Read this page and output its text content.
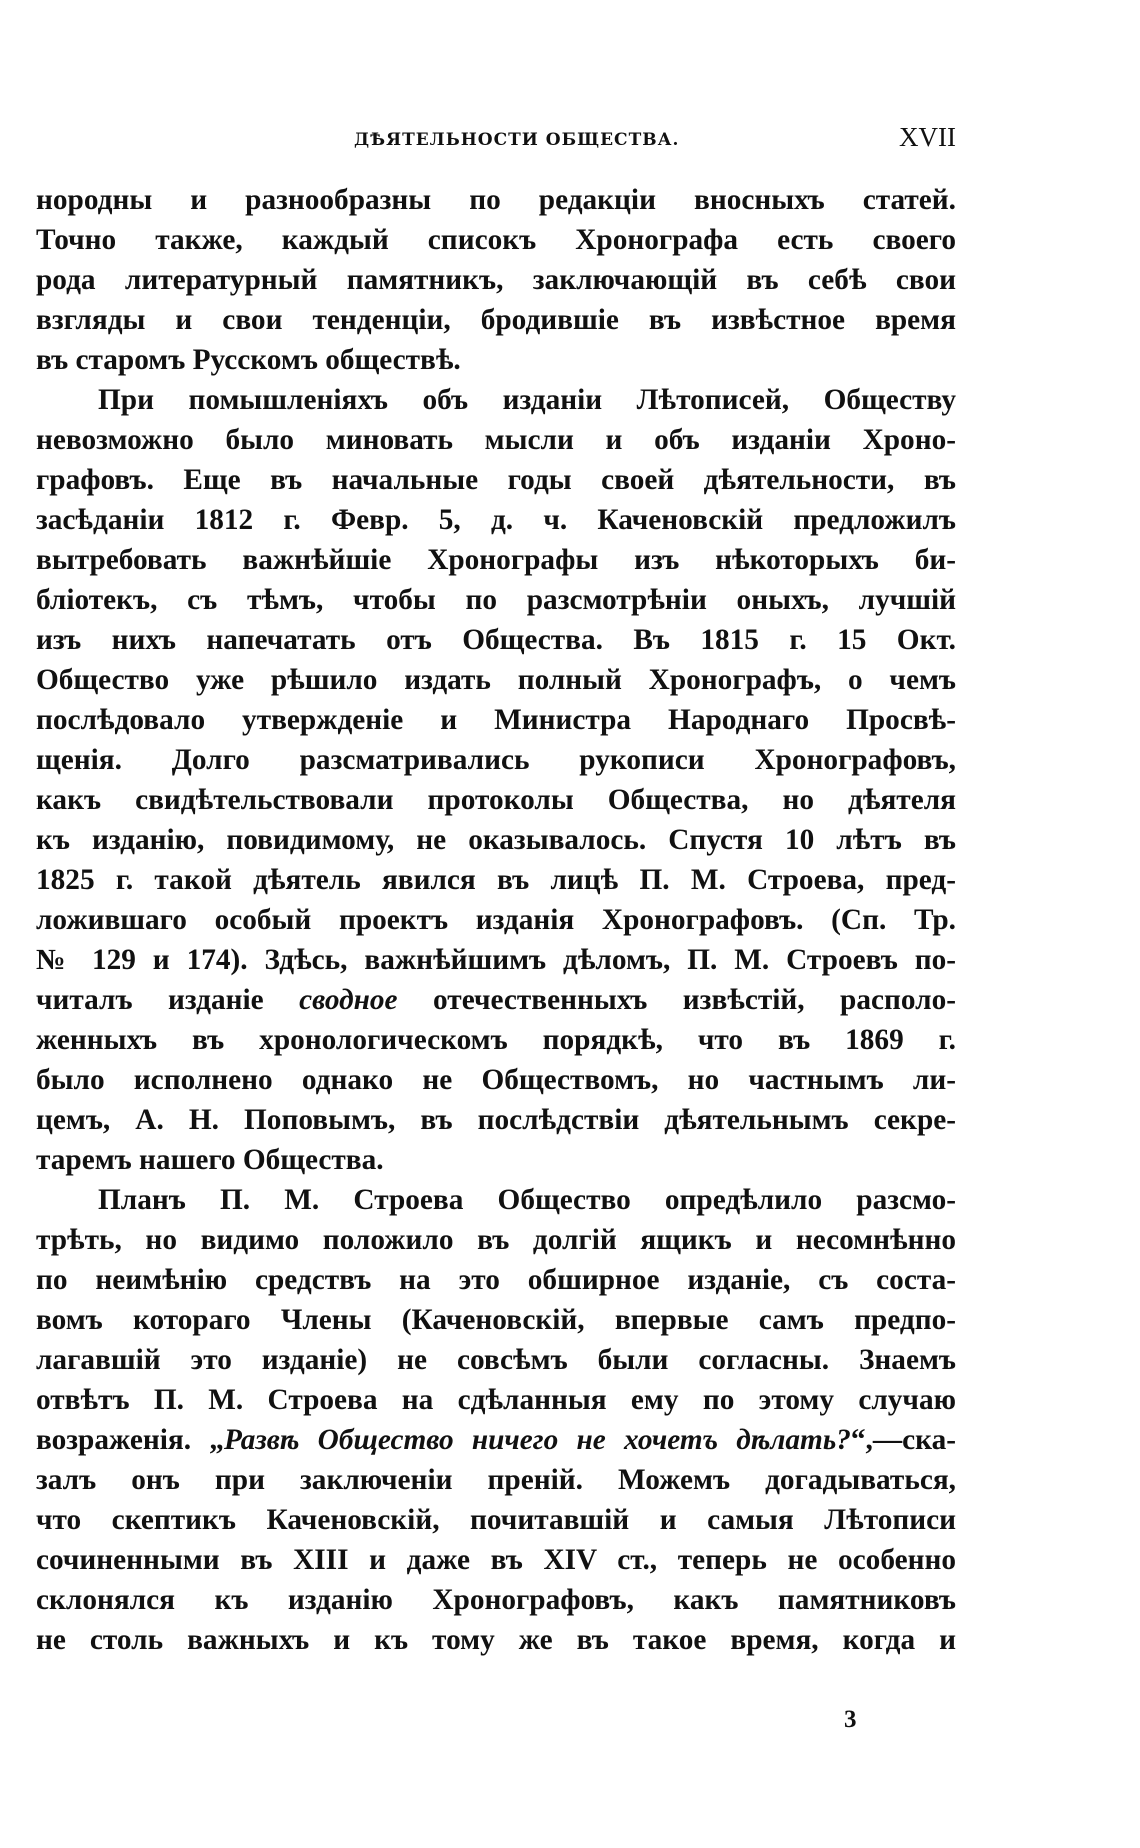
ДѢЯТЕЛЬНОСТИ ОБЩЕСТВА.	XVII
нородны и разнообразны по редакціи вносныхъ статей.
Точно также, каждый списокъ Хронографа есть своего
рода литературный памятникъ, заключающій въ себѣ свои
взгляды и свои тенденціи, бродившіе въ извѣстное время
въ старомъ Русскомъ обществѣ.
При помышленіяхъ объ изданіи Лѣтописей, Обществу
невозможно было миновать мысли и объ изданіи Хроно-
графовъ. Еще въ начальные годы своей дѣятельности, въ
засѣданіи 1812 г. Февр. 5, д. ч. Каченовскій предложилъ
вытребовать важнѣйшіе Хронографы изъ нѣкоторыхъ би-
бліотекъ, съ тѣмъ, чтобы по разсмотрѣніи оныхъ, лучшій
изъ нихъ напечатать отъ Общества. Въ 1815 г. 15 Окт.
Общество уже рѣшило издать полный Хронографъ, о чемъ
послѣдовало утвержденіе и Министра Народнаго Просвѣ-
щенія. Долго разсматривались рукописи Хронографовъ,
какъ свидѣтельствовали протоколы Общества, но дѣятеля
къ изданію, повидимому, не оказывалось. Спустя 10 лѣтъ въ
1825 г. такой дѣятель явился въ лицѣ П. М. Строева, пред-
ложившаго особый проектъ изданія Хронографовъ. (Сп. Тр.
№ 129 и 174). Здѣсь, важнѣйшимъ дѣломъ, П. М. Строевъ по-
читалъ изданіе сводное отечественныхъ извѣстій, располо-
женныхъ въ хронологическомъ порядкѣ, что въ 1869 г.
было исполнено однако не Обществомъ, но частнымъ ли-
цемъ, А. Н. Поповымъ, въ послѣдствіи дѣятельнымъ секре-
таремъ нашего Общества.
Планъ П. М. Строева Общество опредѣлило разсмо-
трѣть, но видимо положило въ долгій ящикъ и несомнѣнно
по неимѣнію средствъ на это обширное изданіе, съ соста-
вомъ котораго Члены (Каченовскій, впервые самъ предпо-
лагавшій это изданіе) не совсѣмъ были согласны. Знаемъ
отвѣтъ П. М. Строева на сдѣланныя ему по этому случаю
возраженія. „Развѣ Общество ничего не хочетъ дѣлать?“,—ска-
залъ онъ при заключеніи преній. Можемъ догадываться,
что скептикъ Каченовскій, почитавшій и самыя Лѣтописи
сочиненными въ XIII и даже въ XIV ст., теперь не особенно
склонялся къ изданію Хронографовъ, какъ памятниковъ
не столь важныхъ и къ тому же въ такое время, когда и
3
